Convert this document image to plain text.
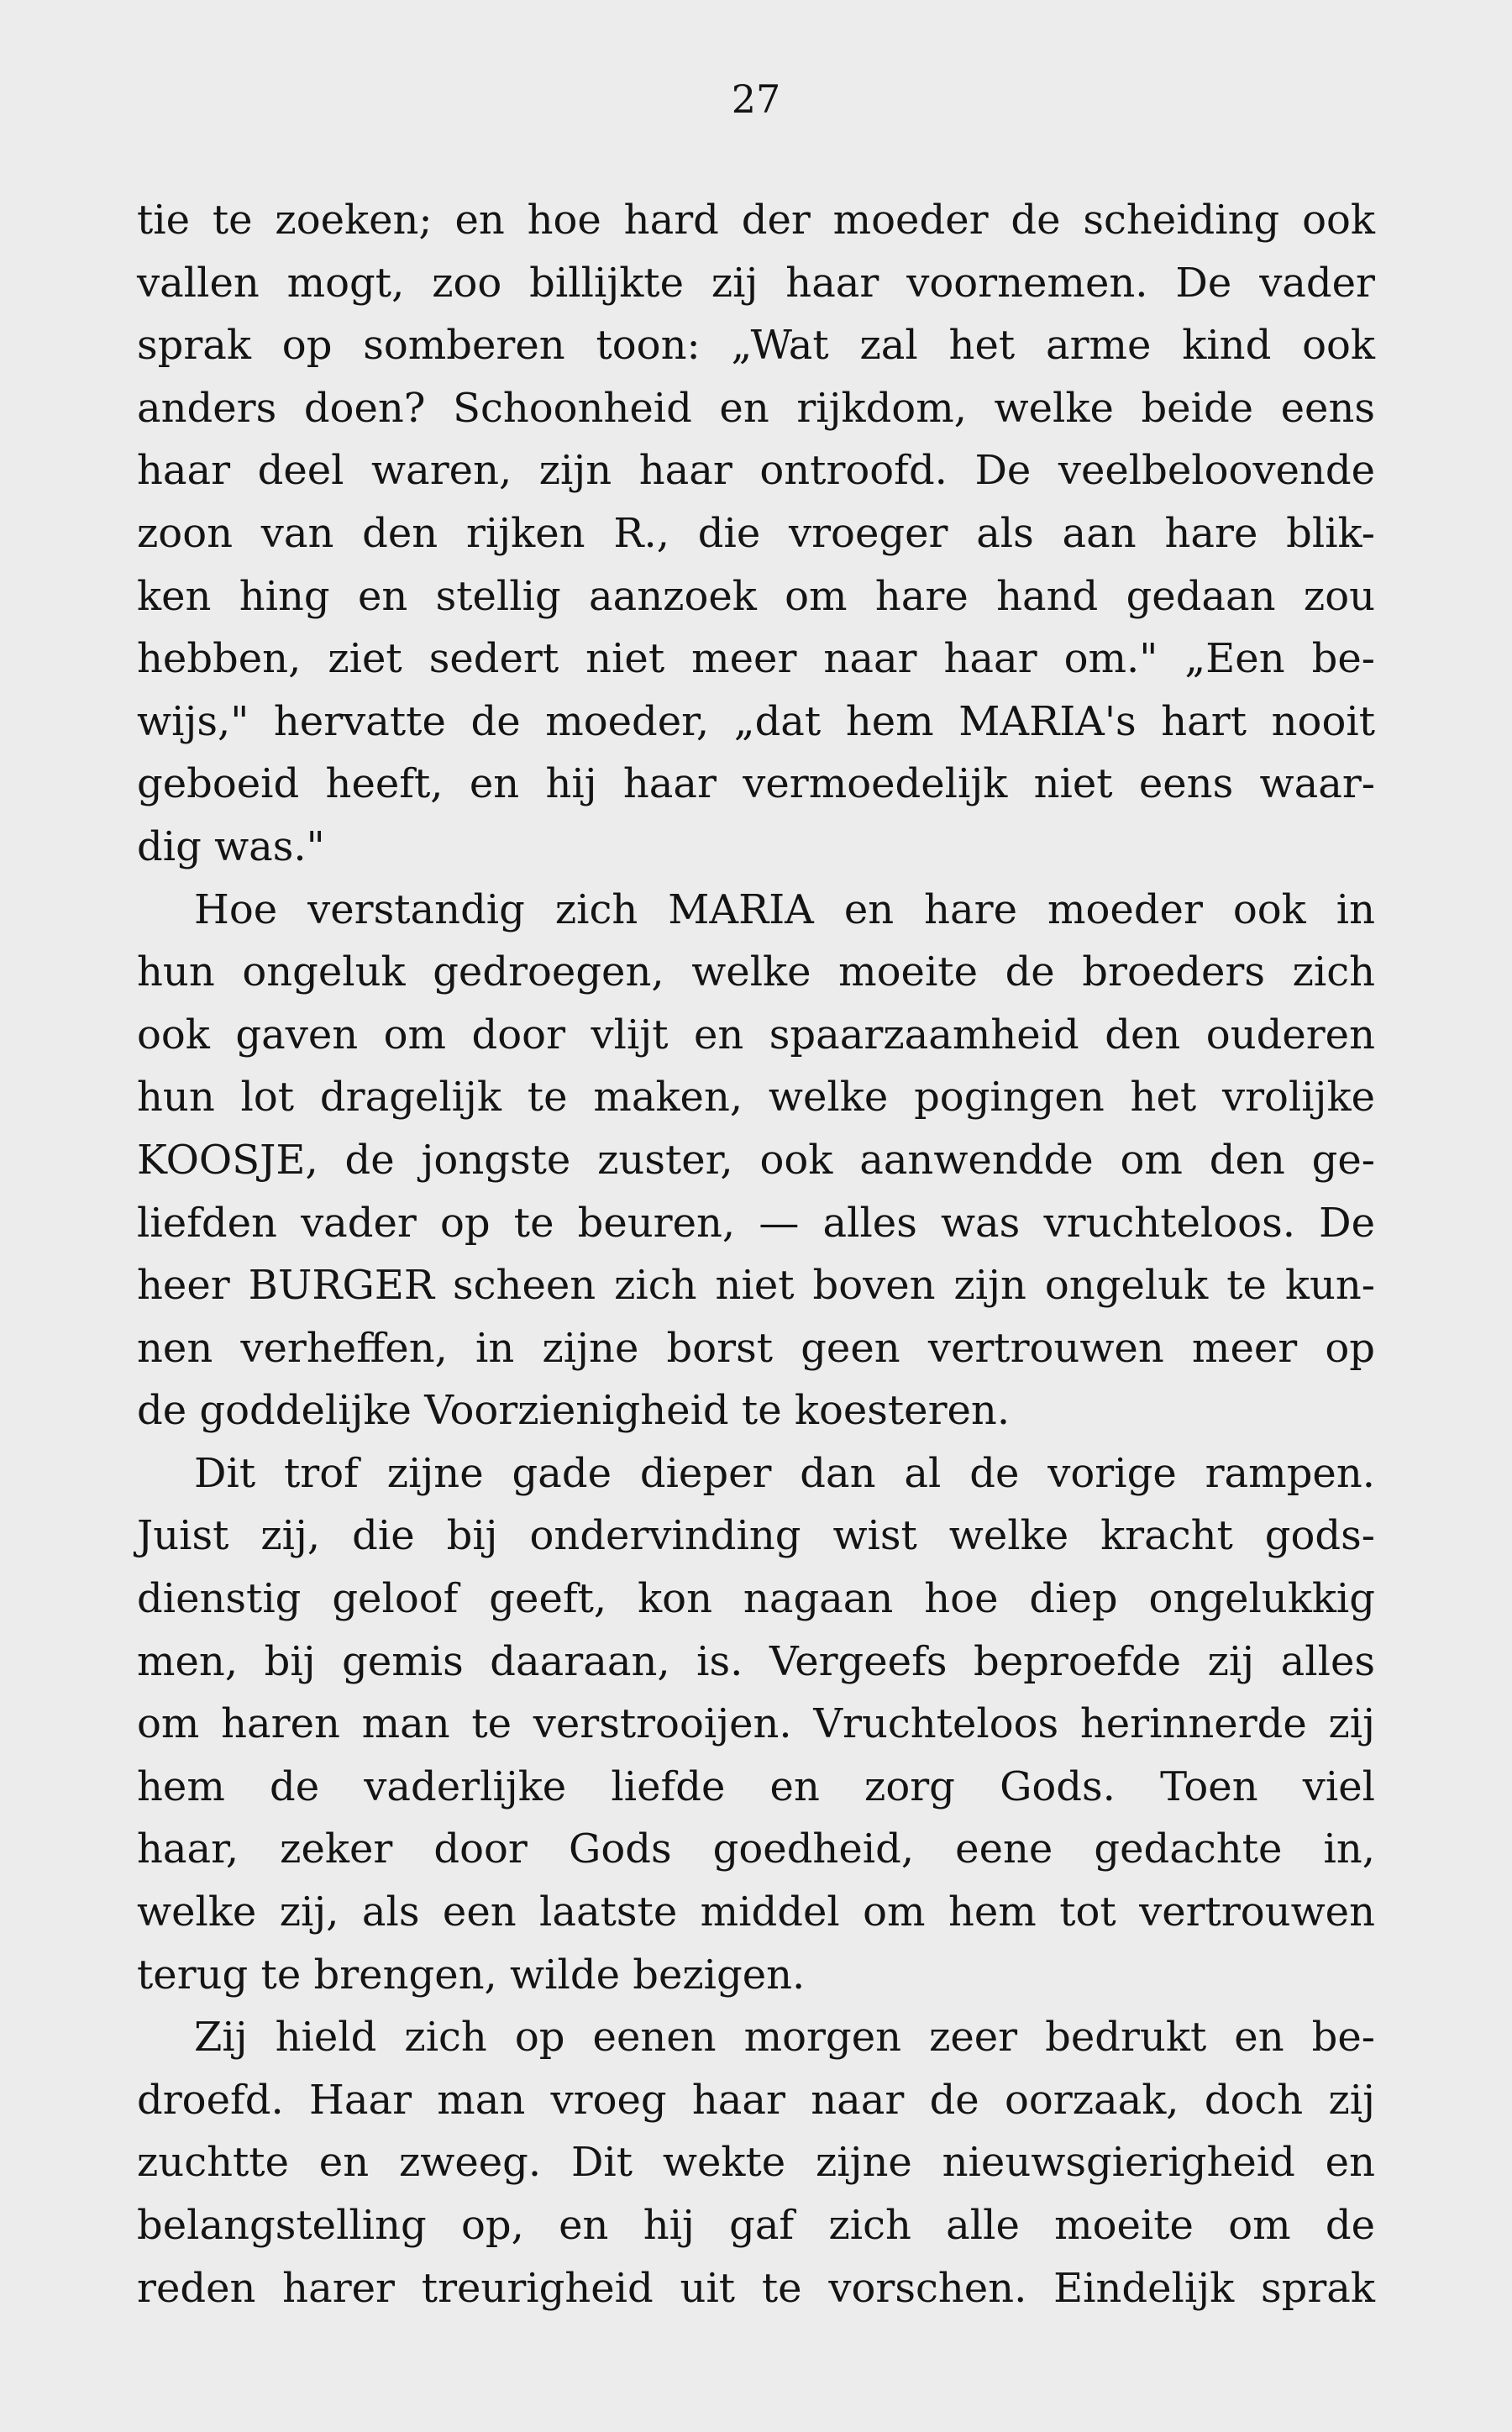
27
tie te zoeken; en hoe hard der moeder de scheiding ook
vallen mogt, zoo billijkte zij haar voornemen. De vader
sprak op somberen toon: „Wat zal het arme kind ook
anders doen? Schoonheid en rijkdom, welke beide eens
haar deel waren, zijn haar ontroofd. De veelbeloovende
zoon van den rijken R., die vroeger als aan hare blik-
ken hing en stellig aanzoek om hare hand gedaan zou
hebben, ziet sedert niet meer naar haar om." „Een be-
wijs," hervatte de moeder, „dat hem MARIA's hart nooit
geboeid heeft, en hij haar vermoedelijk niet eens waar-
dig was."
Hoe verstandig zich MARIA en hare moeder ook in
hun ongeluk gedroegen, welke moeite de broeders zich
ook gaven om door vlijt en spaarzaamheid den ouderen
hun lot dragelijk te maken, welke pogingen het vrolijke
KOOSJE, de jongste zuster, ook aanwendde om den ge-
liefden vader op te beuren, — alles was vruchteloos. De
heer BURGER scheen zich niet boven zijn ongeluk te kun-
nen verheffen, in zijne borst geen vertrouwen meer op
de goddelijke Voorzienigheid te koesteren.
Dit trof zijne gade dieper dan al de vorige rampen.
Juist zij, die bij ondervinding wist welke kracht gods-
dienstig geloof geeft, kon nagaan hoe diep ongelukkig
men, bij gemis daaraan, is. Vergeefs beproefde zij alles
om haren man te verstrooijen. Vruchteloos herinnerde zij
hem de vaderlijke liefde en zorg Gods. Toen viel
haar, zeker door Gods goedheid, eene gedachte in,
welke zij, als een laatste middel om hem tot vertrouwen
terug te brengen, wilde bezigen.
Zij hield zich op eenen morgen zeer bedrukt en be-
droefd. Haar man vroeg haar naar de oorzaak, doch zij
zuchtte en zweeg. Dit wekte zijne nieuwsgierigheid en
belangstelling op, en hij gaf zich alle moeite om de
reden harer treurigheid uit te vorschen. Eindelijk sprak
